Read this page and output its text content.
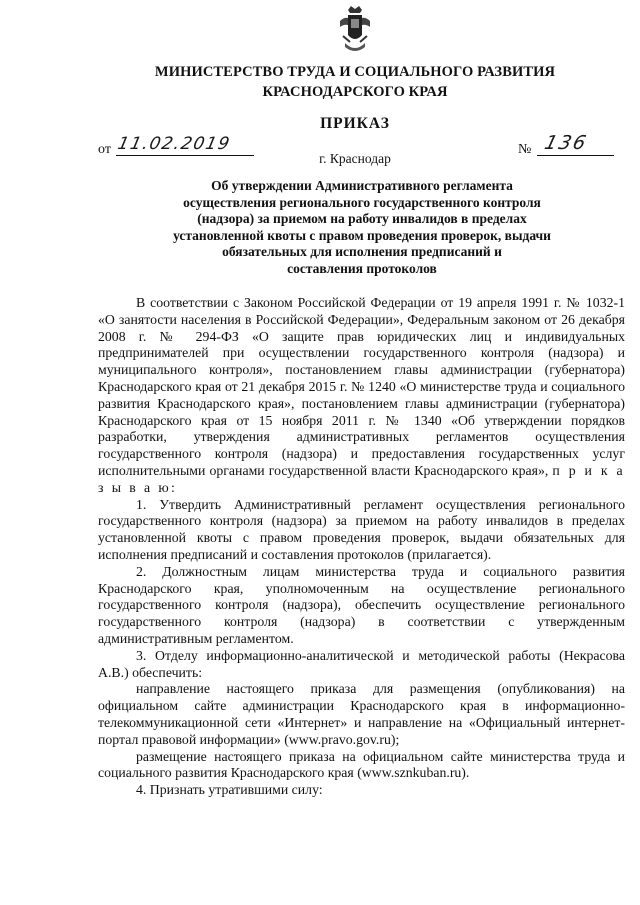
МИНИСТЕРСТВО ТРУДА И СОЦИАЛЬНОГО РАЗВИТИЯ
КРАСНОДАРСКОГО КРАЯ
ПРИКАЗ
от 11.02.2019	№ 136
г. Краснодар
Об утверждении Административного регламента
осуществления регионального государственного контроля
(надзора) за приемом на работу инвалидов в пределах
установленной квоты с правом проведения проверок, выдачи
обязательных для исполнения предписаний и
составления протоколов

В соответствии с Законом Российской Федерации от 19 апреля 1991 г. № 1032-1 «О занятости населения в Российской Федерации», Федеральным законом от 26 декабря 2008 г. № 294-ФЗ «О защите прав юридических лиц и индивидуальных предпринимателей при осуществлении государственного контроля (надзора) и муниципального контроля», постановлением главы администрации (губернатора) Краснодарского края от 21 декабря 2015 г. № 1240 «О министерстве труда и социального развития Краснодарского края», постановлением главы администрации (губернатора) Краснодарского края от 15 ноября 2011 г. № 1340 «Об утверждении порядков разработки, утверждения административных регламентов осуществления государственного контроля (надзора) и предоставления государственных услуг исполнительными органами государственной власти Краснодарского края», п р и к а з ы в а ю:

1. Утвердить Административный регламент осуществления регионального государственного контроля (надзора) за приемом на работу инвалидов в пределах установленной квоты с правом проведения проверок, выдачи обязательных для исполнения предписаний и составления протоколов (прилагается).

2. Должностным лицам министерства труда и социального развития Краснодарского края, уполномоченным на осуществление регионального государственного контроля (надзора), обеспечить осуществление регионального государственного контроля (надзора) в соответствии с утвержденным административным регламентом.

3. Отделу информационно-аналитической и методической работы (Некрасова А.В.) обеспечить:

направление настоящего приказа для размещения (опубликования) на официальном сайте администрации Краснодарского края в информационно-телекоммуникационной сети «Интернет» и направление на «Официальный интернет-портал правовой информации» (www.pravo.gov.ru);

размещение настоящего приказа на официальном сайте министерства труда и социального развития Краснодарского края (www.sznkuban.ru).

4. Признать утратившими силу:
